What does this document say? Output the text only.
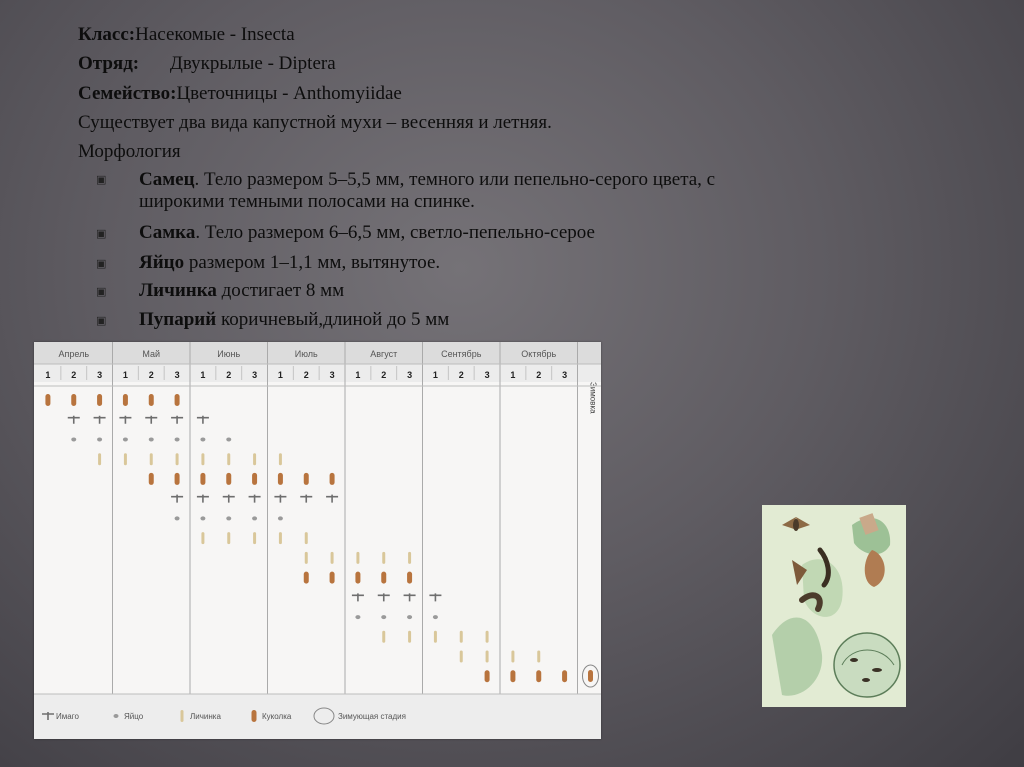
Класс:Насекомые - Insecta
Отряд: Двукрылые - Diptera
Семейство:Цветочницы - Anthomyiidae
Существует два вида капустной мухи – весенняя и летняя.
Морфология
▣ Самец. Тело размером 5–5,5 мм, темного или пепельно-серого цвета, с
широкими темными полосами на спинке.
▣ Самка. Тело размером 6–6,5 мм, светло-пепельно-серое
▣ Яйцо размером 1–1,1 мм, вытянутое.
▣ Личинка достигает 8 мм
▣ Пупарий коричневый,длиной до 5 мм
Апрель
1 2 3
Май
1 2 3
Июнь
1 2 3
Июль
1 2 3
Август
1 2 3
Сентябрь
1 2 3
Октябрь
1 2 3
Зимовка
Имаго	Яйцо	Личинка	Куколка	Зимующая стадия
